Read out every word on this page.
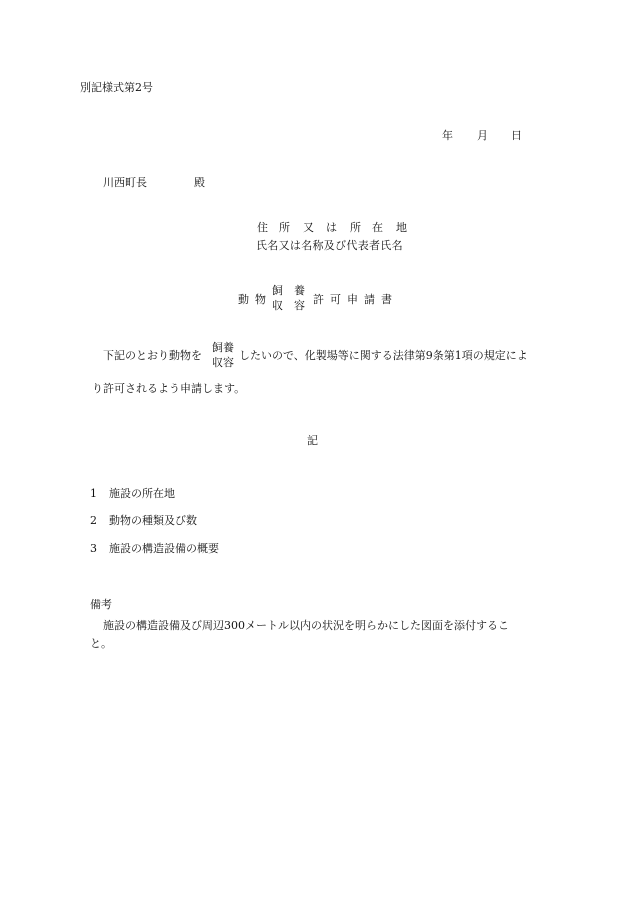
別記様式第2号
年 月 日
川西町長	殿
住 所 又 は 所 在 地
氏名又は名称及び代表者氏名
動 物
飼 養
収 容 許 可 申 請 書
下記のとおり動物を
飼養
収容
したいので、化製場等に関する法律第9条第1項の規定によ
り許可されるよう申請します。
記
1 施設の所在地
2 動物の種類及び数
3 施設の構造設備の概要
備考
施設の構造設備及び周辺300メートル以内の状況を明らかにした図面を添付するこ
と。
